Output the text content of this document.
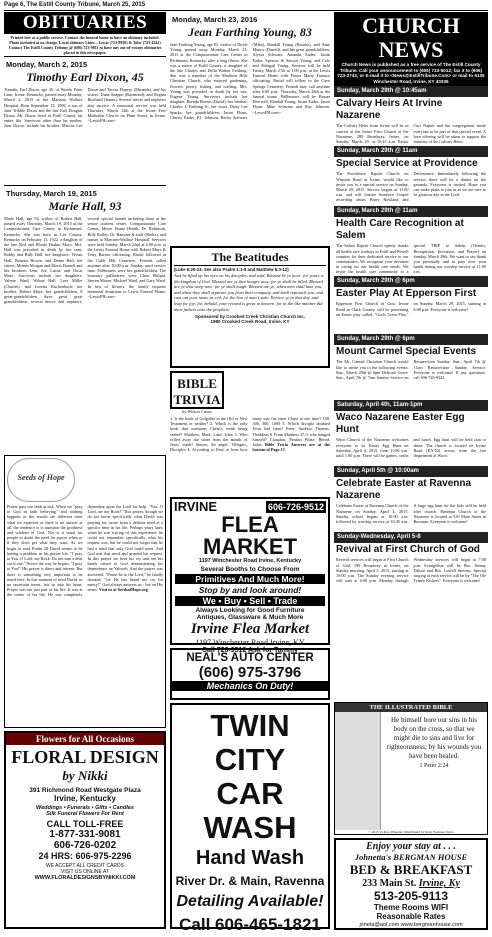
Page 6, The Estill County Tribune, March 25, 2015
OBITUARIES
Printed free as a public service. Contact the funeral home to have an obituary included. Photo included at no charge. Local obituary Lines – Lewis (723-8950) & Toler (723-4242) Contact The Estill County Tribune @ (606) 723-9811 to have any out-of-county obituaries placed in this newspaper.
Monday, March 2, 2015
Timothy Earl Dixon, 45
Timothy Earl Dixon, age 45, of Woods Point Lane, Irvine, Kentucky, passed away Monday, March 2, 2015 at the Marcum Wallace Hospital. Born September 15, 1969, a son of Jane Tribble Dixon and the late Earl Douglas Dixon, Mr. Dixon lived in Estill County his entire life. Survivors other than his mother, Jane Dixon, include his brother, Marcus Lee Dixon and Teresa Flanery (Miranda), and his sisters: Dana Snappe (Raymond), and Regina Rowland (James). Several nieces and nephews also survive. A memorial service was held Thursday, March 12th at the Irvine Free Methodist Church on Plum Street, in Irvine. ~LewisFH.com~
Thursday, March 19, 2015
Marie Hall, 93
Marie Hall, age 93, widow of Robert Hall, passed away Thursday, March 19, 2015 at the Compassionate Care Center in Richmond, Kentucky. She was born in Lee County, Kentucky on February 15, 1922, a daughter of the late Ned and Rhoda Durbin Mays. Mrs. Hall was preceded in death by her sons, Bobby and Billy Hall; her daughters: Vivian Hall, Wanetta Brown, and Deane Hall; her sisters: Minnie Morgan and Mavis Darnell and her brothers: Lem, Joe, Lucas, and Oscar Mays. Survivors include her daughters: Valerie Ward, Wilma Hall, Lora Miller (Charles), and Loretta Kuchenbach; her brother, Robert Mays; her grandchildren, 8 great-grandchildren, three great, great grandchildren, several nieces and nephews; several special friends including those at the senior citizens center, Compassionate Care Center, Meyer Home Health, Dr. Robinson, Billy Kelley, Dr. Ransom & staff (Shelia), and nurses at Marcum-Wallace Hospital. Services were held Sunday, March 22nd at 2:00 p.m. at the Lewis Funeral Home with Robert Mays & Terry Barnes officiating. Burial followed in the Cobb Hill Cemetery. Friends called anytime after 10:00 a.m. Sunday, until service time. Pallbearers were her grandchildren. The honorary pallbearers were Chris Philpot, Steven Moore, Michael Ward, and Gary Ward. In lieu of flowers, the family requests memorial donations to Lewis Funeral Home. ~LewisFH.com~
Seeds of Hope
Prayer puts our faith at risk. When we "pray to God in faith believing" and nothing happens or the results are different from what we expected or there is no answer at all, the tendency is to question the goodness and wisdom of God. Nor is it usual for people to doubt the need for prayer when or if they don't get what they want. As we begin to read Psalm 28 David seems to be having a problem in his prayer life. "I pray to You, O Lord, my Rock. Do not turn a deaf ear to me." Notice the way he begins: "I pray to You!" His prayer is direct and intense. But there is something very important to be noted here. In this moment of need David, in no uncertain terms, lets us into his heart. Prayer was not just part of his life. It was at the center of his life. He was completely dependent upon the Lord for help. "You, O Lord, are my Rock!" This prayer, though we do not know specifically what David was praying for, arose from a definite need at a specific time in his life. Perhaps years later, when he was writing of this experience, he could not remember specifically what his request was, but he could not forget that he had a need that only God could meet. And God met that need and granted his request. In this prayer we hear his cry and see his hands raised to God demonstrating his dependence on Yahweh. And the prayer was answered. "Praise be to the Lord," he finally shouted, "for He has heard my cry for mercy!" God always answers us - but on His terms. Visit us at SeedsofHope.org
Flowers for All Occasions
FLORAL DESIGN
by Nikki
391 Richmond Road Westgate Plaza
Irvine, Kentucky
Weddings • Funerals • Gifts • Candles
Silk Funeral Flowers For Rent
CALL TOLL-FREE
1-877-331-9081
606-726-0202
24 HRS: 606-975-2296
WE ACCEPT ALL CREDIT CARDS
VISIT US ONLINE AT
WWW.FLORALDESIGNSBYNIKKI.COM
Monday, March 23, 2016
Jean Farthing Young, 83
Jean Farthing Young, age 83, widow of Doyle Young, passed away Monday, March 23, 2015 at the Compassionate Care Center in Richmond, Kentucky, after a long illness. She was a native of Estill County, a daughter of the late Charles and Della Walton Farthing. She was a member of the Madison Hills Christian Church, who enjoyed gardening, flowers, poetry, fishing, and crafting. Mrs. Young was preceded in death by her son, Eugene Young. Survivors include her daughter, Brenda Brown (David); her brother, Charles J. Farthing Jr.; her sister, Daisy Lee Sparks; her grandchildren: Jason Flynn, Christy Eades, P.J. Johnson, Becky Schwarz (Mike), Randall Young (Brooke), and Amy Muncy (Darrell); and her great grandchildren: Alyssa Schwarz, Amanda Eades, Justin Eades, Spencer & Sawyer Young, and Cole and Abbigail Young. Services will be held Friday, March 27th at 1:00 p.m. at the Lewis Funeral Home with Pastor Marty Furnace officiating. Burial will follow in the Cave Springs Cemetery. Friends may call anytime after 6:00 p.m., Thursday, March 26th at the funeral home. Pallbearers will be Buster Deerwell, Randall Young, Justin Eades, Jason Flynn, Mike Schwarz and Roy Johnson. ~LewisFH.com~
The Beatitudes
(Luke 6:20-23. See also Psalm 1:1-6 and Matthew 5:3-12)
And he lifted up his eyes on his disciples, and said, Blessed be ye poor: for yours is the kingdom of God. Blessed are ye that hunger now: for ye shall be filled. Blessed are ye that weep now: for ye shall laugh. Blessed are ye, when men shall hate you, and when they shall separate you from their company, and shall reproach you, and cast out your name as evil, for the Son of man's sake. Rejoice ye in that day, and leap for joy: for, behold, your reward is great in heaven: for in the like manner did their fathers unto the prophets.
Sponsored by Crooked Creek Christian Church Inc.
1980 Crooked Creek Road, Irvine, KY
BIBLE TRIVIA
by Wilson Casey
1. Is the book of Golgotha in the Old or New Testament or neither? 2. Which is the only book that mentions Christ's tomb being sealed? Matthew, Mark, Luke, John 3. Who rolled away the stone from the mouth of Jesus' tomb? Simon, An angel, Villagers, Disciples 4. According to Paul, at least how many saw the risen Christ at one time? 100, 300, 500, 1000 5. Which disciple doubted Jesus had risen? Peter, Andrew, Thomas, Thaddeus 6. From Matthew 27:5, who hanged himself? Caiaphas, Pontius Pilate, Herod, Judas Bible Trivia Answers are at the bottom of Page 13
IRVINE	606-726-9512
FLEA MARKET
1197 Winchester Road Irvine, Kentucky
Several Booths to Choose From
Primitives And Much More!
Stop by and look around!
We • Buy • Sell • Trade
Always Looking for Good Furniture
Antiques, Glassware & Much More
Irvine Flea Market
1197 Winchester Road Irvine, KY
Call 726-9512 Ask for Tammy
NEAL'S AUTO CENTER
(606) 975-3796
Mechanics On Duty!
TWIN CITY
CAR WASH
Hand Wash
River Dr. & Main, Ravenna
Detailing Available!
Call 606-465-1821
CHURCH NEWS
Church News is published as a free service of The Estill County Tribune. Call your announcement to (606) 723-5012; fax it to (606) 723-2743; or E-mail it to <News@EstillTribune.Com> or mail to 6135 Winchester Road, Irvine, KY 40336
Sunday, March 29th @ 10:45am
Calvary Heirs At Irvine Nazarene
The Calvary Heirs from Irvine will be in concert at the Irvine First Church of the Nazarene, 280 Broadway, Irvine, on Sunday, March 29, at 10:45 a.m. Pastor Curt Napier and the congregation invite everyone to be part of that special event. A love offering will be taken to support the ministry of the Calvary Heirs.
Sunday, March 29th @ 11am
Special Service at Providence
The Providence Baptist Church on Winston Road in Irvine, would like to invite you to a special service on Sunday, March 29, 2015. Service begins at 11:00 a.m. and will feature Southern Gospel recording artists Barry Rowland and Deliverance. Immediately following the service, there will be a dinner on the grounds. Everyone is invited. Hope you can make plans to join in as we are sure to be glorious day in the Lord.
Sunday, March 29th @ 11am
Health Care Recognition at Salem
The Salem Baptist Church openly thanks all health care workers in Estill and Powell counties for their dedicated service to our communities. We recognize your devotion in caring for our health care needs. We invite the health care community to a special TRIP to Salem (Thanks, Recognition, Invitation, and Prayer) on Sunday, March 29th. We want to say thank you personally and to pray over your hands during our worship service at 11:00 a.m.
Sunday, March 29th @ 6pm
Easter Play At Epperson First
Epperson First Church of God, Irvine Road in Clark County, will be presenting an Easter play called, "God's Great Plan," on Sunday, March 29, 2015, starting at 6:00 p.m. Everyone is welcome!
Sunday, March 29th @ 6pm
Mount Carmel Special Events
The Mt. Carmel Christian Church would like to invite you to the following events: Sun., March 29th @ 6pm Delicate Grace. Sun., April 7th @ 7am Sunrise Service on Resurrection Sunday. Sun., April 7th @ 11am Resurrection Sunday Service. Everyone is welcome! If any questions, call 606-726-9342.
Saturday, April 4th, 11am-1pm
Waco Nazarene Easter Egg Hunt
Waco Church of the Nazarene welcomes everyone to its Easter Egg Hunt on Saturday, April 4, 2015, from 11:00 a.m. until 1:00 p.m. There will be games, crafts and lunch. Egg hunt will be held rain or shine. The church is located on Irvine Road (KY-52) across from the fire department at Waco.
Sunday, April 5th @ 10:00am
Celebrate Easter at Ravenna Nazarene
Celebrate Easter at Ravenna Church of the Nazarene on Sunday, April 4, 2015. Sunday school begins at 10:00 a.m. followed by worship service at 10:45 a.m. A huge egg hunt for the kids will be held after church. Ravenna Church of the Nazarene is located at 530 Main Street in Ravenna. Everyone is welcome!
Sunday-Wednesday, April 5-8
Revival at First Church of God
Revival services will begin at First Church of God, 199 Broadway in Irvine, on Sunday morning, April 5, 2015, starting at 10:00 a.m. The Sunday evening service will start at 6:00 p.m. Monday through Wednesday services will begin at 7:00 p.m. Evangelists will be Bro. Jimmy Dalton and Bro. Lowell Stevens. Special singing at each service will be by "The Ole Tymey Kickers". Everyone is welcome!
THE ILLUSTRATED BIBLE
He himself bore our sins in his body on the cross, so that we might die to sins and live for righteousness; by his wounds you have been healed.
1 Peter 2:24
© 2015 by Ron Wheeler, Distributed by King Features Synd.
Enjoy your stay at . . .
Johnetta's BERGMAN HOUSE
BED & BREAKFAST
233 Main St. Irvine, Ky
513-205-9113
Theme Rooms WIFI
Reasonable Rates
joneta@aol.com www.bergmanhouse.com
